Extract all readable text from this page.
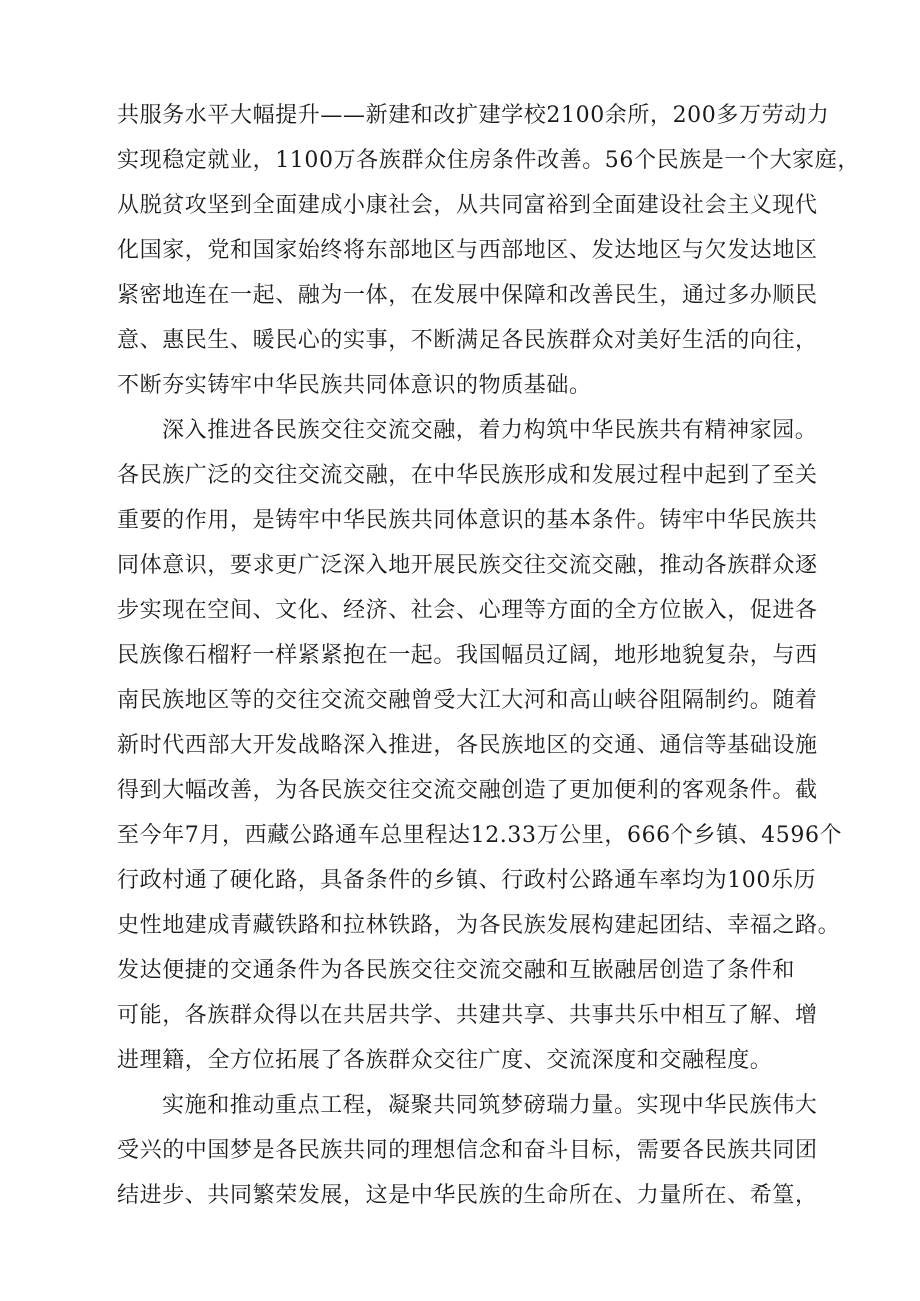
共服务水平大幅提升——新建和改扩建学校2100余所，200多万劳动力
实现稳定就业，1100万各族群众住房条件改善。56个民族是一个大家庭，
从脱贫攻坚到全面建成小康社会，从共同富裕到全面建设社会主义现代
化国家，党和国家始终将东部地区与西部地区、发达地区与欠发达地区
紧密地连在一起、融为一体，在发展中保障和改善民生，通过多办顺民
意、惠民生、暖民心的实事，不断满足各民族群众对美好生活的向往，
不断夯实铸牢中华民族共同体意识的物质基础。
深入推进各民族交往交流交融，着力构筑中华民族共有精神家园。
各民族广泛的交往交流交融，在中华民族形成和发展过程中起到了至关
重要的作用，是铸牢中华民族共同体意识的基本条件。铸牢中华民族共
同体意识，要求更广泛深入地开展民族交往交流交融，推动各族群众逐
步实现在空间、文化、经济、社会、心理等方面的全方位嵌入，促进各
民族像石榴籽一样紧紧抱在一起。我国幅员辽阔，地形地貌复杂，与西
南民族地区等的交往交流交融曾受大江大河和高山峡谷阻隔制约。随着
新时代西部大开发战略深入推进，各民族地区的交通、通信等基础设施
得到大幅改善，为各民族交往交流交融创造了更加便利的客观条件。截
至今年7月，西藏公路通车总里程达12.33万公里，666个乡镇、4596个
行政村通了硬化路，具备条件的乡镇、行政村公路通车率均为100乐历
史性地建成青藏铁路和拉林铁路，为各民族发展构建起团结、幸福之路。
发达便捷的交通条件为各民族交往交流交融和互嵌融居创造了条件和
可能，各族群众得以在共居共学、共建共享、共事共乐中相互了解、增
进理籍，全方位拓展了各族群众交往广度、交流深度和交融程度。
实施和推动重点工程，凝聚共同筑梦磅瑞力量。实现中华民族伟大
受兴的中国梦是各民族共同的理想信念和奋斗目标，需要各民族共同团
结进步、共同繁荣发展，这是中华民族的生命所在、力量所在、希篁，
